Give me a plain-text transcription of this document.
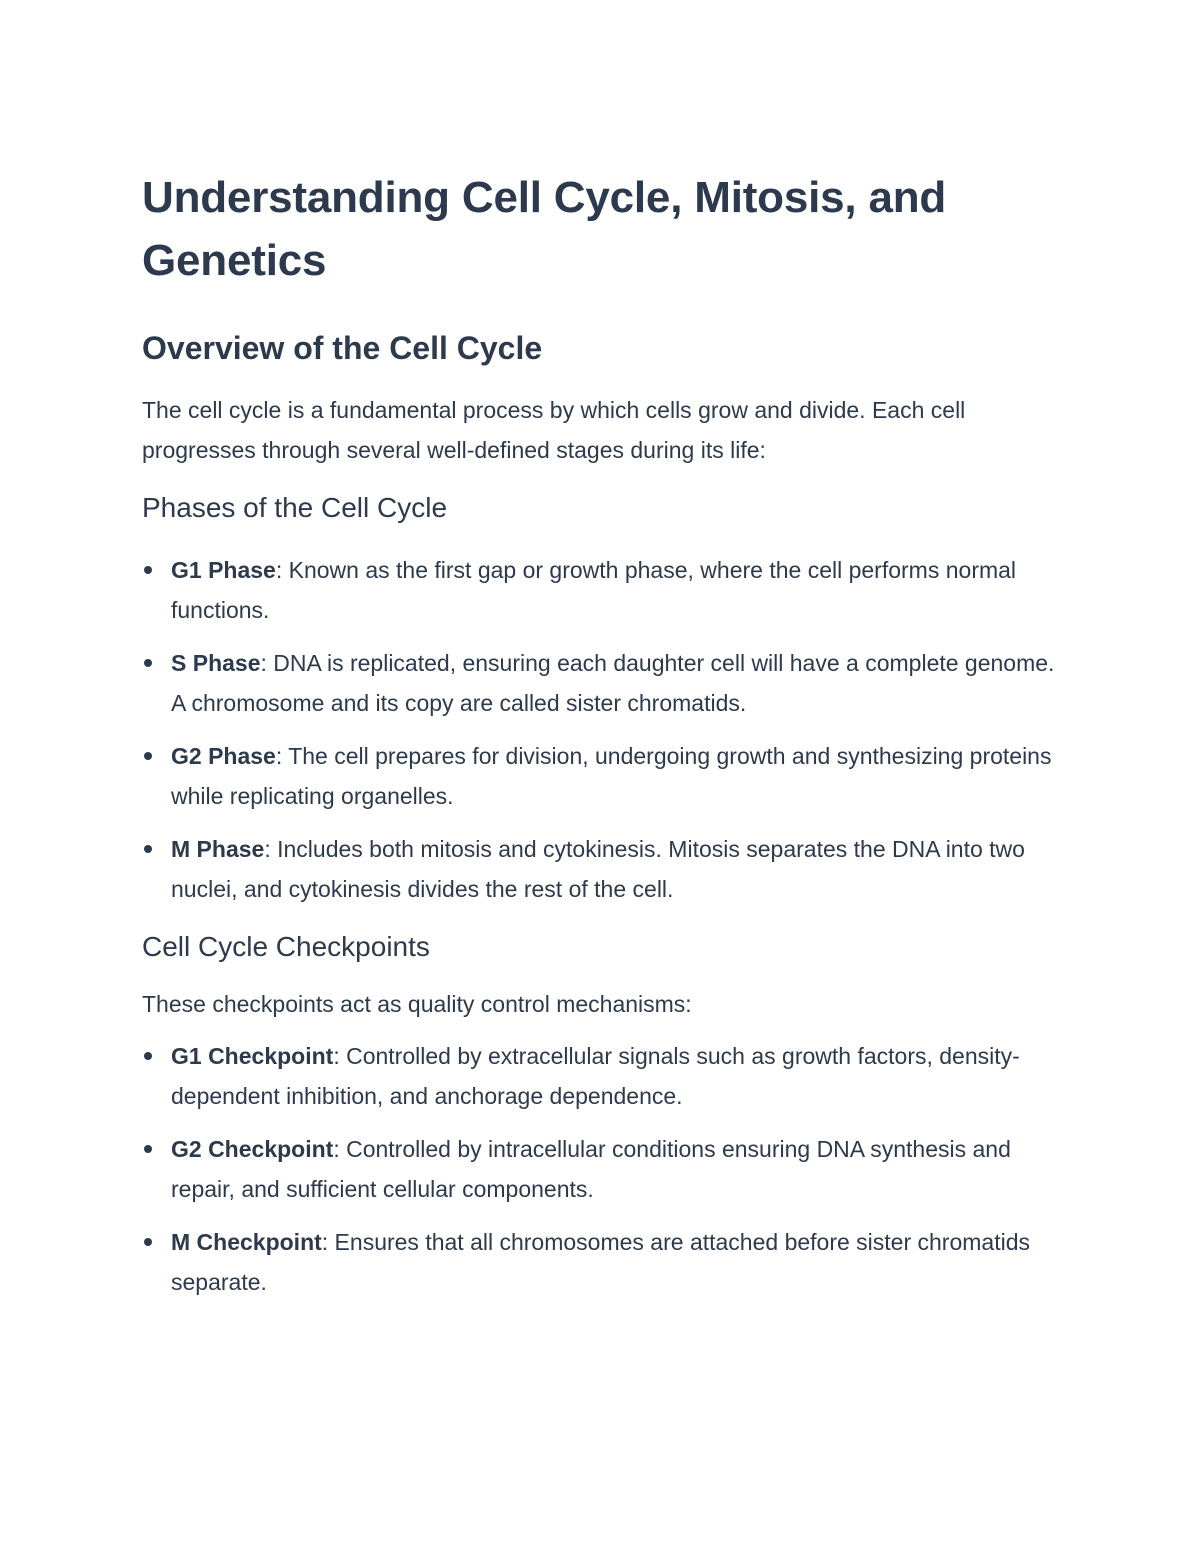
Understanding Cell Cycle, Mitosis, and Genetics
Overview of the Cell Cycle

The cell cycle is a fundamental process by which cells grow and divide. Each cell progresses through several well-defined stages during its life:

Phases of the Cell Cycle
G1 Phase: Known as the first gap or growth phase, where the cell performs normal functions.
S Phase: DNA is replicated, ensuring each daughter cell will have a complete genome. A chromosome and its copy are called sister chromatids.
G2 Phase: The cell prepares for division, undergoing growth and synthesizing proteins while replicating organelles.
M Phase: Includes both mitosis and cytokinesis. Mitosis separates the DNA into two nuclei, and cytokinesis divides the rest of the cell.
Cell Cycle Checkpoints

These checkpoints act as quality control mechanisms:

G1 Checkpoint: Controlled by extracellular signals such as growth factors, density-dependent inhibition, and anchorage dependence.
G2 Checkpoint: Controlled by intracellular conditions ensuring DNA synthesis and repair, and sufficient cellular components.
M Checkpoint: Ensures that all chromosomes are attached before sister chromatids separate.
